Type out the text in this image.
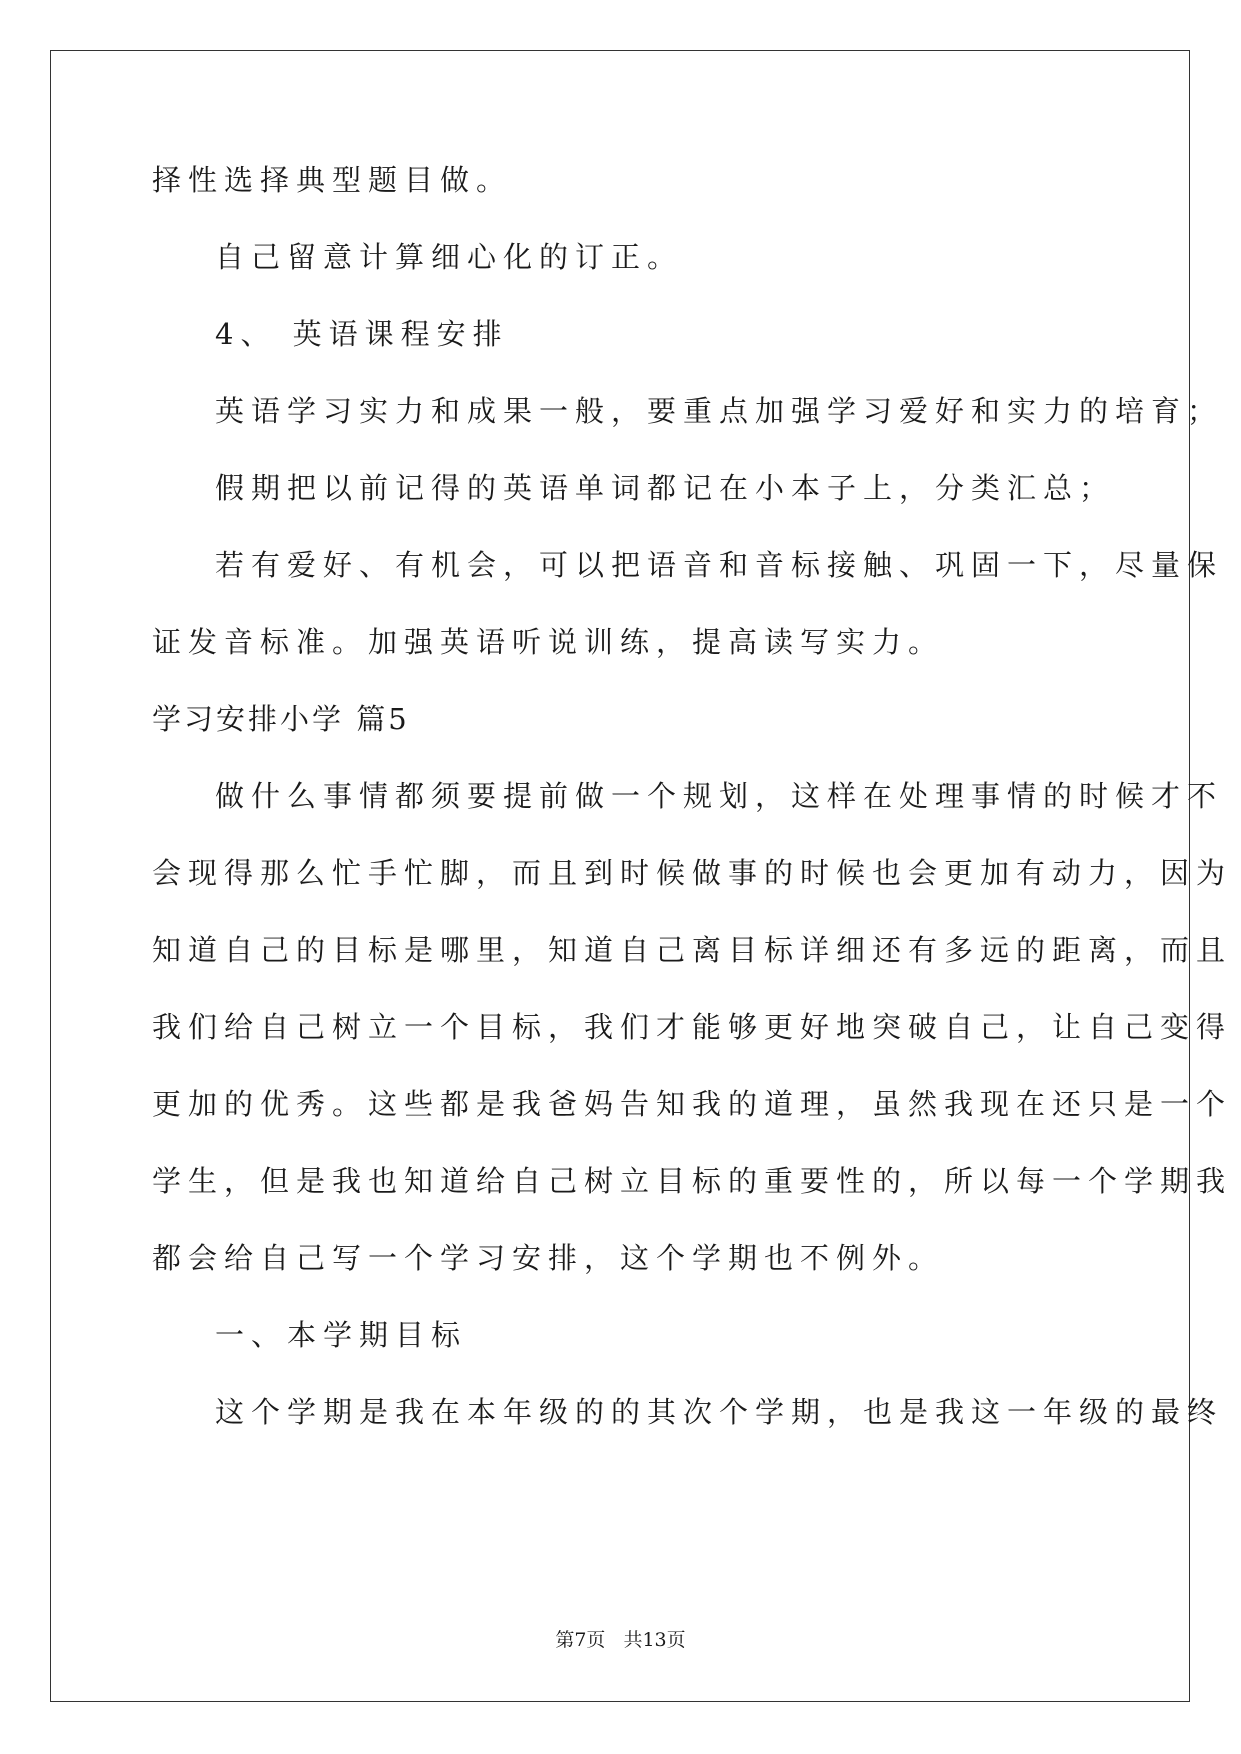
择性选择典型题目做。
自己留意计算细心化的订正。
4、 英语课程安排
英语学习实力和成果一般，要重点加强学习爱好和实力的培育；
假期把以前记得的英语单词都记在小本子上，分类汇总；
若有爱好、有机会，可以把语音和音标接触、巩固一下，尽量保
证发音标准。加强英语听说训练，提高读写实力。
学习安排小学 篇5
做什么事情都须要提前做一个规划，这样在处理事情的时候才不
会现得那么忙手忙脚，而且到时候做事的时候也会更加有动力，因为
知道自己的目标是哪里，知道自己离目标详细还有多远的距离，而且
我们给自己树立一个目标，我们才能够更好地突破自己，让自己变得
更加的优秀。这些都是我爸妈告知我的道理，虽然我现在还只是一个
学生，但是我也知道给自己树立目标的重要性的，所以每一个学期我
都会给自己写一个学习安排，这个学期也不例外。
一、本学期目标
这个学期是我在本年级的的其次个学期，也是我这一年级的最终
第7页 共13页
